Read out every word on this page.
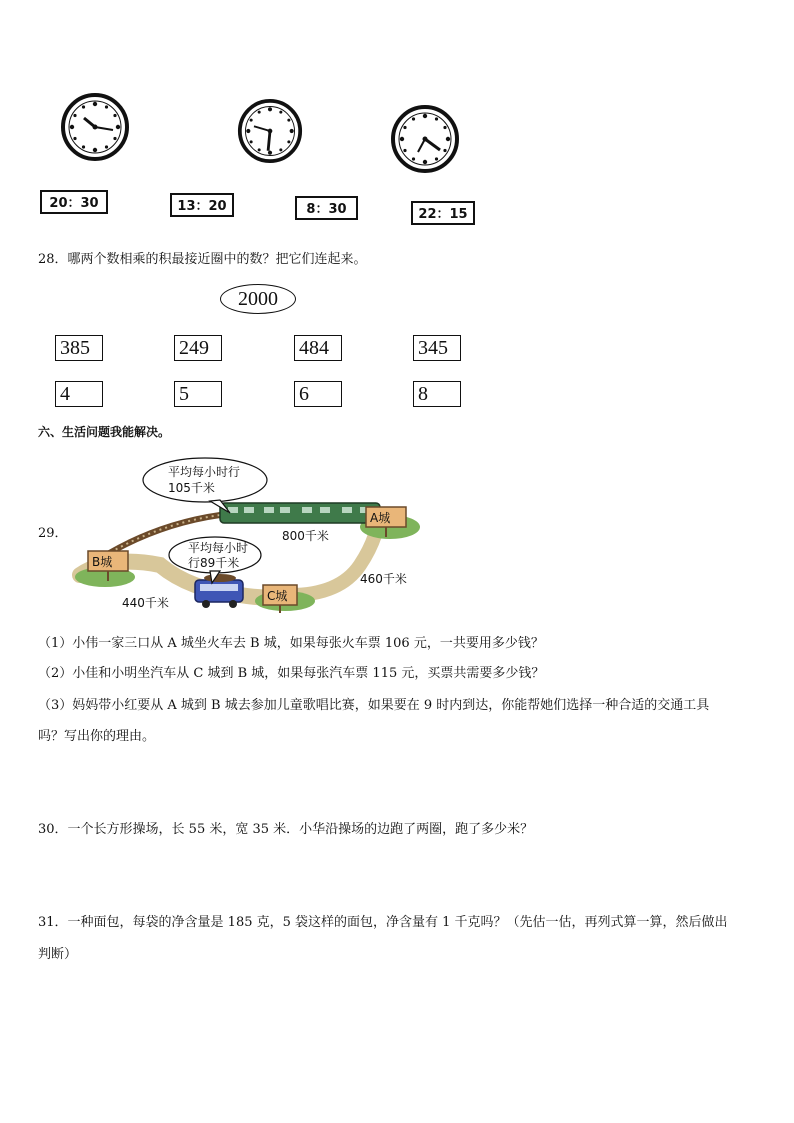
20：30	13：20	8：30	22：15
28．哪两个数相乘的积最接近圈中的数？把它们连起来。
2000
385	249	484	345
4	5	6	8
六、生活问题我能解决。
29．
平均每小时行
105千米
平均每小时
行89千米
A城
B城
C城
800千米
460千米
440千米
（1）小伟一家三口从 A 城坐火车去 B 城，如果每张火车票 106 元，一共要用多少钱？
（2）小佳和小明坐汽车从 C 城到 B 城，如果每张汽车票 115 元，买票共需要多少钱？
（3）妈妈带小红要从 A 城到 B 城去参加儿童歌唱比赛，如果要在 9 时内到达，你能帮她们选择一种合适的交通工具
吗？写出你的理由。
30．一个长方形操场，长 55 米，宽 35 米．小华沿操场的边跑了两圈，跑了多少米？
31．一种面包，每袋的净含量是 185 克，5 袋这样的面包，净含量有 1 千克吗？（先估一估，再列式算一算，然后做出
判断）
